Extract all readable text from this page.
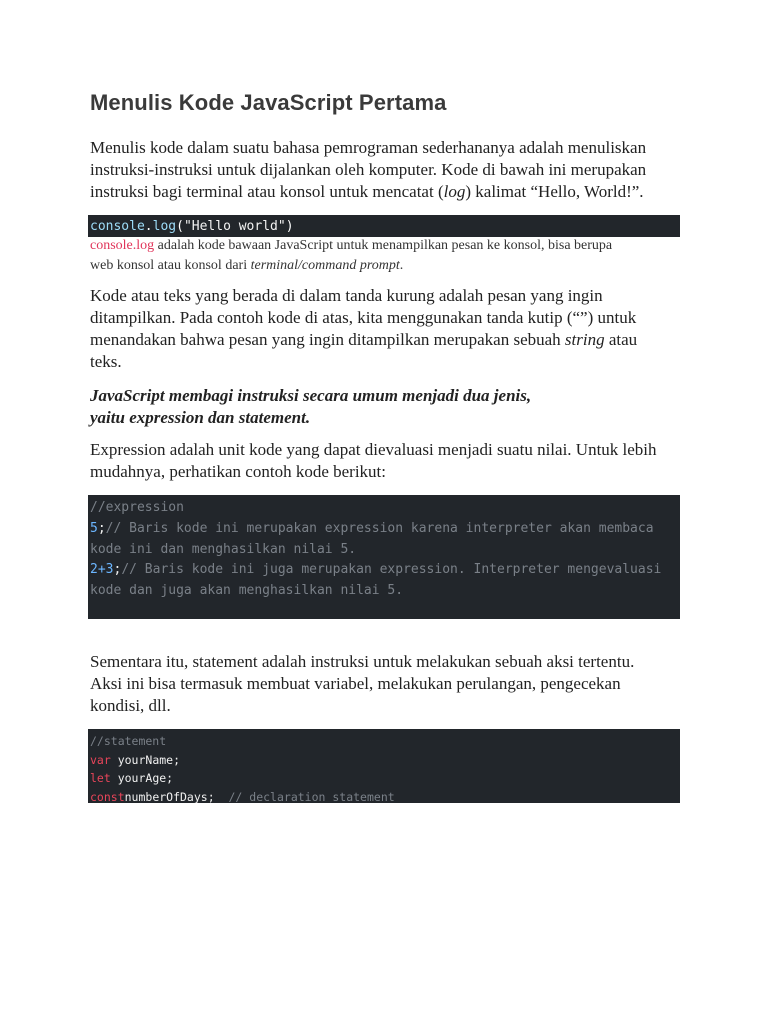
Menulis Kode JavaScript Pertama

Menulis kode dalam suatu bahasa pemrograman sederhananya adalah menuliskan
instruksi-instruksi untuk dijalankan oleh komputer. Kode di bawah ini merupakan
instruksi bagi terminal atau konsol untuk mencatat (log) kalimat “Hello, World!”.

console.log("Hello world")

console.log adalah kode bawaan JavaScript untuk menampilkan pesan ke konsol, bisa berupa
web konsol atau konsol dari terminal/command prompt.

Kode atau teks yang berada di dalam tanda kurung adalah pesan yang ingin
ditampilkan. Pada contoh kode di atas, kita menggunakan tanda kutip (“”) untuk
menandakan bahwa pesan yang ingin ditampilkan merupakan sebuah string atau
teks.

JavaScript membagi instruksi secara umum menjadi dua jenis,
yaitu expression dan statement.

Expression adalah unit kode yang dapat dievaluasi menjadi suatu nilai. Untuk lebih
mudahnya, perhatikan contoh kode berikut:

//expression
5;// Baris kode ini merupakan expression karena interpreter akan membaca
kode ini dan menghasilkan nilai 5.
2+3;// Baris kode ini juga merupakan expression. Interpreter mengevaluasi
kode dan juga akan menghasilkan nilai 5.

Sementara itu, statement adalah instruksi untuk melakukan sebuah aksi tertentu.
Aksi ini bisa termasuk membuat variabel, melakukan perulangan, pengecekan
kondisi, dll.

//statement
var yourName;
let yourAge;
constnumberOfDays;  // declaration statement
